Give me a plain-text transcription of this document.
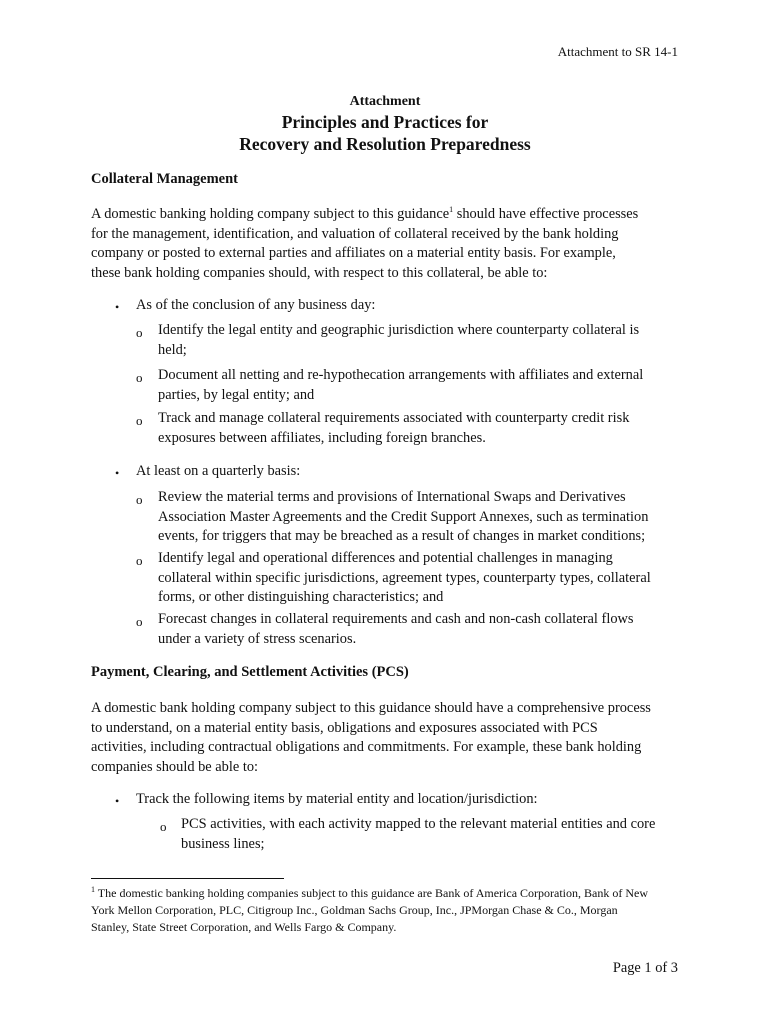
Attachment to SR 14-1
Attachment
Principles and Practices for
Recovery and Resolution Preparedness
Collateral Management
A domestic banking holding company subject to this guidance$^1$ should have effective processes
for the management, identification, and valuation of collateral received by the bank holding
company or posted to external parties and affiliates on a material entity basis. For example,
these bank holding companies should, with respect to this collateral, be able to:
• As of the conclusion of any business day:
o Identify the legal entity and geographic jurisdiction where counterparty collateral is
held;
o Document all netting and re-hypothecation arrangements with affiliates and external
parties, by legal entity; and
o Track and manage collateral requirements associated with counterparty credit risk
exposures between affiliates, including foreign branches.
• At least on a quarterly basis:
o Review the material terms and provisions of International Swaps and Derivatives
Association Master Agreements and the Credit Support Annexes, such as termination
events, for triggers that may be breached as a result of changes in market conditions;
o Identify legal and operational differences and potential challenges in managing
collateral within specific jurisdictions, agreement types, counterparty types, collateral
forms, or other distinguishing characteristics; and
o Forecast changes in collateral requirements and cash and non-cash collateral flows
under a variety of stress scenarios.
Payment, Clearing, and Settlement Activities (PCS)
A domestic bank holding company subject to this guidance should have a comprehensive process
to understand, on a material entity basis, obligations and exposures associated with PCS
activities, including contractual obligations and commitments. For example, these bank holding
companies should be able to:
• Track the following items by material entity and location/jurisdiction:
o PCS activities, with each activity mapped to the relevant material entities and core
business lines;
$^1$ The domestic banking holding companies subject to this guidance are Bank of America Corporation, Bank of New
York Mellon Corporation, PLC, Citigroup Inc., Goldman Sachs Group, Inc., JPMorgan Chase & Co., Morgan
Stanley, State Street Corporation, and Wells Fargo & Company.
Page 1 of 3
